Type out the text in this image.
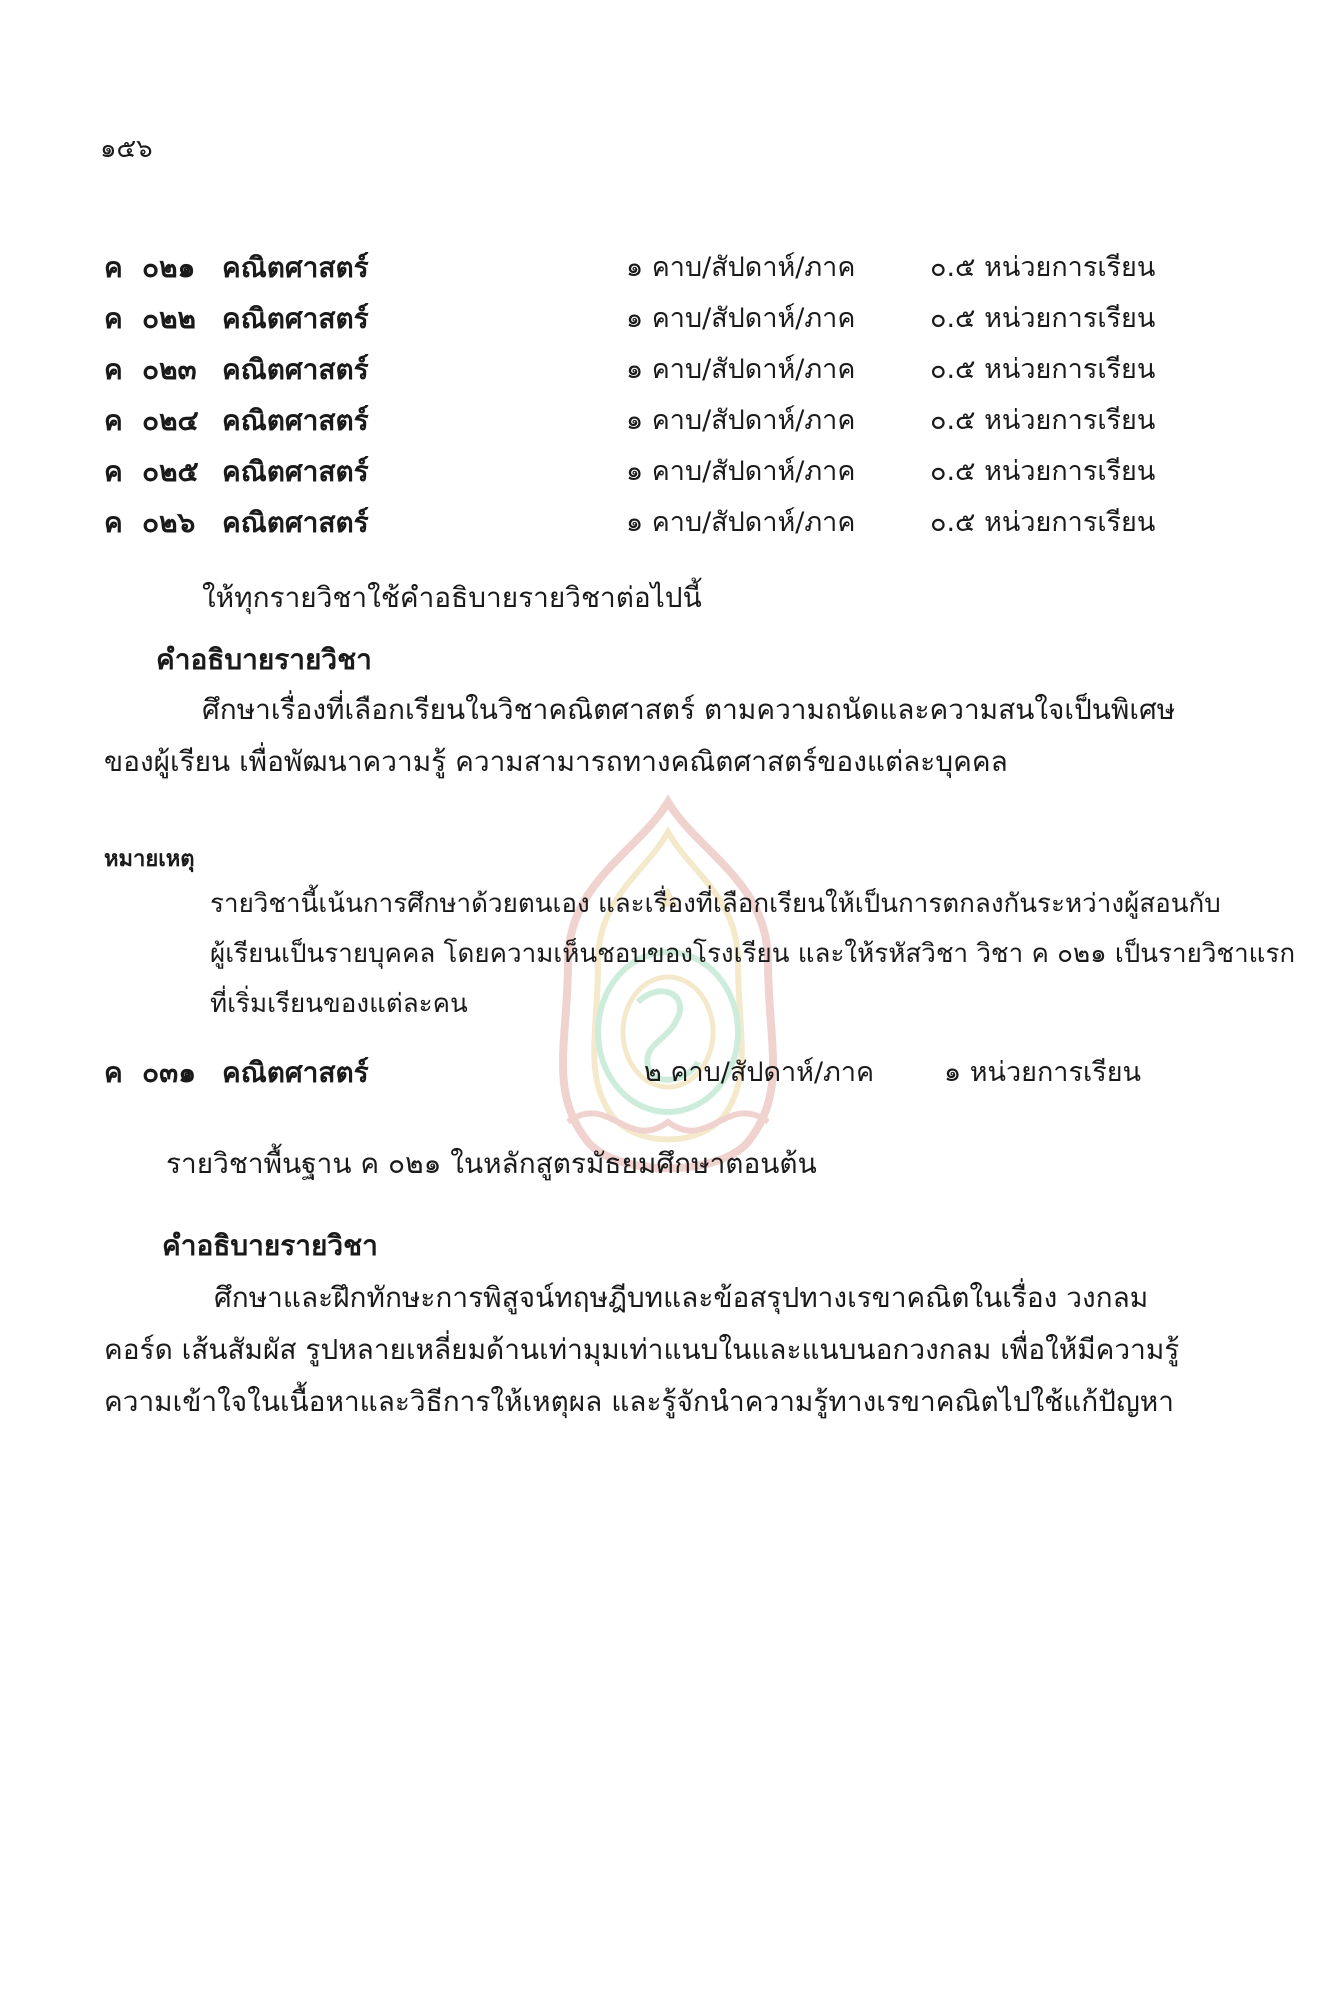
๑๕๖
ค ๐๒๑ คณิตศาสตร์	๑ คาบ/สัปดาห์/ภาค	๐.๕ หน่วยการเรียน
ค ๐๒๒ คณิตศาสตร์	๑ คาบ/สัปดาห์/ภาค	๐.๕ หน่วยการเรียน
ค ๐๒๓ คณิตศาสตร์	๑ คาบ/สัปดาห์/ภาค	๐.๕ หน่วยการเรียน
ค ๐๒๔ คณิตศาสตร์	๑ คาบ/สัปดาห์/ภาค	๐.๕ หน่วยการเรียน
ค ๐๒๕ คณิตศาสตร์	๑ คาบ/สัปดาห์/ภาค	๐.๕ หน่วยการเรียน
ค ๐๒๖ คณิตศาสตร์	๑ คาบ/สัปดาห์/ภาค	๐.๕ หน่วยการเรียน
ให้ทุกรายวิชาใช้คำอธิบายรายวิชาต่อไปนี้
คำอธิบายรายวิชา
ศึกษาเรื่องที่เลือกเรียนในวิชาคณิตศาสตร์ ตามความถนัดและความสนใจเป็นพิเศษ
ของผู้เรียน เพื่อพัฒนาความรู้ ความสามารถทางคณิตศาสตร์ของแต่ละบุคคล
หมายเหตุ
รายวิชานี้เน้นการศึกษาด้วยตนเอง และเรื่องที่เลือกเรียนให้เป็นการตกลงกันระหว่างผู้สอนกับ
ผู้เรียนเป็นรายบุคคล โดยความเห็นชอบของโรงเรียน และให้รหัสวิชา วิชา ค ๐๒๑ เป็นรายวิชาแรก
ที่เริ่มเรียนของแต่ละคน
ค ๐๓๑ คณิตศาสตร์	๒ คาบ/สัปดาห์/ภาค	๑ หน่วยการเรียน
รายวิชาพื้นฐาน ค ๐๒๑ ในหลักสูตรมัธยมศึกษาตอนต้น
คำอธิบายรายวิชา
ศึกษาและฝึกทักษะการพิสูจน์ทฤษฎีบทและข้อสรุปทางเรขาคณิตในเรื่อง วงกลม
คอร์ด เส้นสัมผัส รูปหลายเหลี่ยมด้านเท่ามุมเท่าแนบในและแนบนอกวงกลม เพื่อให้มีความรู้
ความเข้าใจในเนื้อหาและวิธีการให้เหตุผล และรู้จักนำความรู้ทางเรขาคณิตไปใช้แก้ปัญหา
